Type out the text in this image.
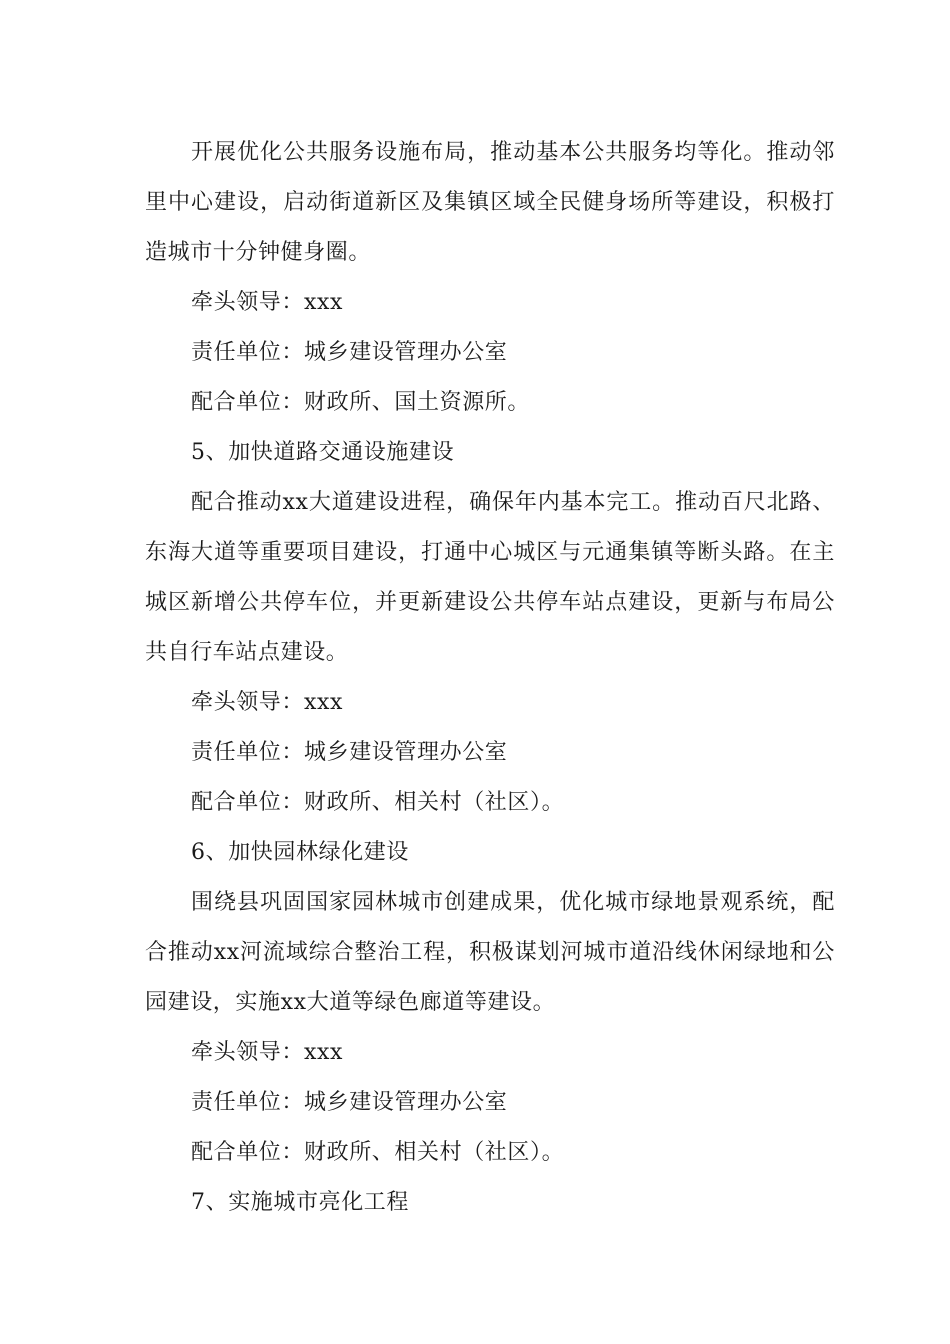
开展优化公共服务设施布局，推动基本公共服务均等化。推动邻里中心建设，启动街道新区及集镇区域全民健身场所等建设，积极打造城市十分钟健身圈。

牵头领导：xxx

责任单位：城乡建设管理办公室

配合单位：财政所、国土资源所。

5、加快道路交通设施建设

配合推动xx大道建设进程，确保年内基本完工。推动百尺北路、东海大道等重要项目建设，打通中心城区与元通集镇等断头路。在主城区新增公共停车位，并更新建设公共停车站点建设，更新与布局公共自行车站点建设。

牵头领导：xxx

责任单位：城乡建设管理办公室

配合单位：财政所、相关村（社区）。

6、加快园林绿化建设

围绕县巩固国家园林城市创建成果，优化城市绿地景观系统，配合推动xx河流域综合整治工程，积极谋划河城市道沿线休闲绿地和公园建设，实施xx大道等绿色廊道等建设。

牵头领导：xxx

责任单位：城乡建设管理办公室

配合单位：财政所、相关村（社区）。

7、实施城市亮化工程
